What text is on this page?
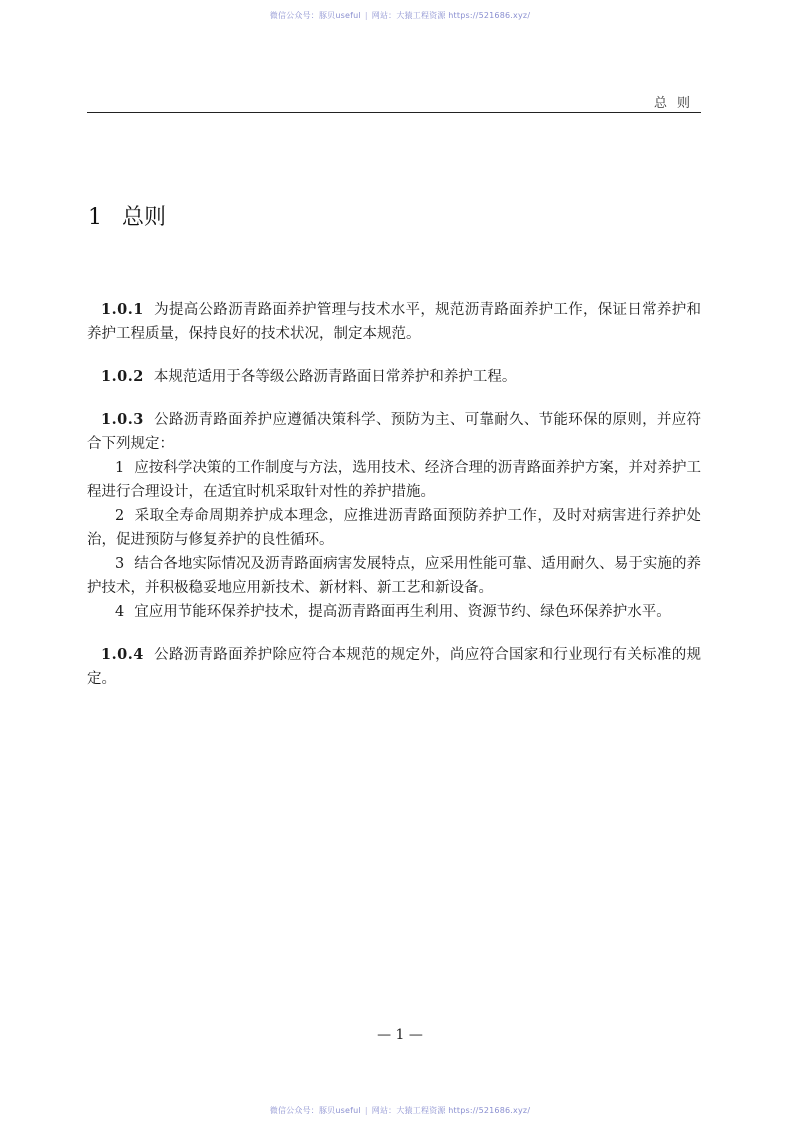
微信公众号：豚贝useful | 网站：大猿工程资源 https://521686.xyz/
总则
1 总则

1.0.1 为提高公路沥青路面养护管理与技术水平，规范沥青路面养护工作，保证日常养护和养护工程质量，保持良好的技术状况，制定本规范。

1.0.2 本规范适用于各等级公路沥青路面日常养护和养护工程。

1.0.3 公路沥青路面养护应遵循决策科学、预防为主、可靠耐久、节能环保的原则，并应符合下列规定：

1 应按科学决策的工作制度与方法，选用技术、经济合理的沥青路面养护方案，并对养护工程进行合理设计，在适宜时机采取针对性的养护措施。

2 采取全寿命周期养护成本理念，应推进沥青路面预防养护工作，及时对病害进行养护处治，促进预防与修复养护的良性循环。

3 结合各地实际情况及沥青路面病害发展特点，应采用性能可靠、适用耐久、易于实施的养护技术，并积极稳妥地应用新技术、新材料、新工艺和新设备。

4 宜应用节能环保养护技术，提高沥青路面再生利用、资源节约、绿色环保养护水平。

1.0.4 公路沥青路面养护除应符合本规范的规定外，尚应符合国家和行业现行有关标准的规定。

— 1 —
微信公众号：豚贝useful | 网站：大猿工程资源 https://521686.xyz/
